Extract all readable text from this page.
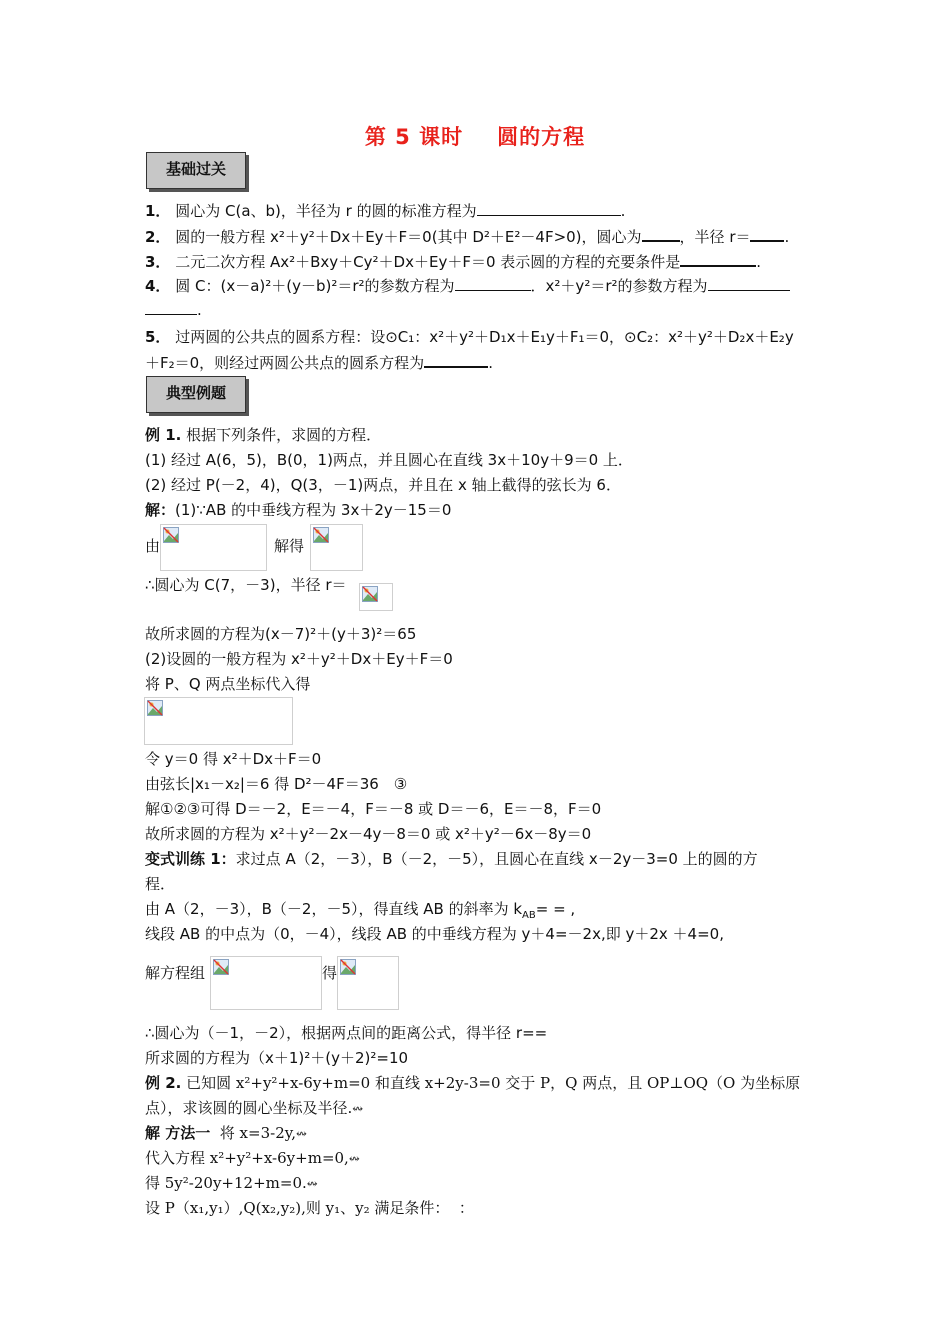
第 5 课时 圆的方程
基础过关
1． 圆心为 C(a、b)，半径为 r 的圆的标准方程为	.
2． 圆的一般方程 x²＋y²＋Dx＋Ey＋F＝0(其中 D²＋E²－4F>0)，圆心为	，半径 r＝ .
3． 二元二次方程 Ax²＋Bxy＋Cy²＋Dx＋Ey＋F＝0 表示圆的方程的充要条件是	.
4． 圆 C：(x－a)²＋(y－b)²＝r²的参数方程为	．x²＋y²＝r²的参数方程为
.
5． 过两圆的公共点的圆系方程：设⊙C₁：x²＋y²＋D₁x＋E₁y＋F₁＝0，⊙C₂：x²＋y²＋D₂x＋E₂y
＋F₂＝0，则经过两圆公共点的圆系方程为	.
典型例题
例 1. 根据下列条件，求圆的方程．
(1) 经过 A(6，5)，B(0，1)两点，并且圆心在直线 3x＋10y＋9＝0 上．
(2) 经过 P(－2，4)，Q(3，－1)两点，并且在 x 轴上截得的弦长为 6．
解：(1)∵AB 的中垂线方程为 3x＋2y－15＝0
由	解得
∴圆心为 C(7，－3)，半径 r＝
故所求圆的方程为(x－7)²＋(y＋3)²＝65
(2)设圆的一般方程为 x²＋y²＋Dx＋Ey＋F＝0
将 P、Q 两点坐标代入得
令 y＝0 得 x²＋Dx＋F＝0
由弦长|x₁－x₂|＝6 得 D²－4F＝36　③
解①②③可得 D＝－2，E＝－4，F＝－8 或 D＝－6，E＝－8，F＝0
故所求圆的方程为 x²＋y²－2x－4y－8＝0 或 x²＋y²－6x－8y＝0
变式训练 1：求过点 A（2，－3），B（－2，－5），且圆心在直线 x－2y－3=0 上的圆的方
程．
由 A（2，－3），B（－2，－5），得直线 AB 的斜率为 $k_{AB}=$ = ,
线段 AB 的中点为（0，－4），线段 AB 的中垂线方程为 y＋4=－2x,即 y＋2x ＋4=0,
解方程组	得
∴圆心为（－1，－2），根据两点间的距离公式，得半径 r==
所求圆的方程为（x＋1)²＋(y＋2)²=10
例 2. 已知圆 x²+y²+x-6y+m=0 和直线 x+2y-3=0 交于 P，Q 两点，且 OP⊥OQ（O 为坐标原
点），求该圆的圆心坐标及半径.↭
解 方法一 将 x=3-2y,↭
代入方程 x²+y²+x-6y+m=0,↭
得 5y²-20y+12+m=0.↭
设 P（x₁,y₁）,Q(x₂,y₂),则 y₁、y₂ 满足条件： ：
